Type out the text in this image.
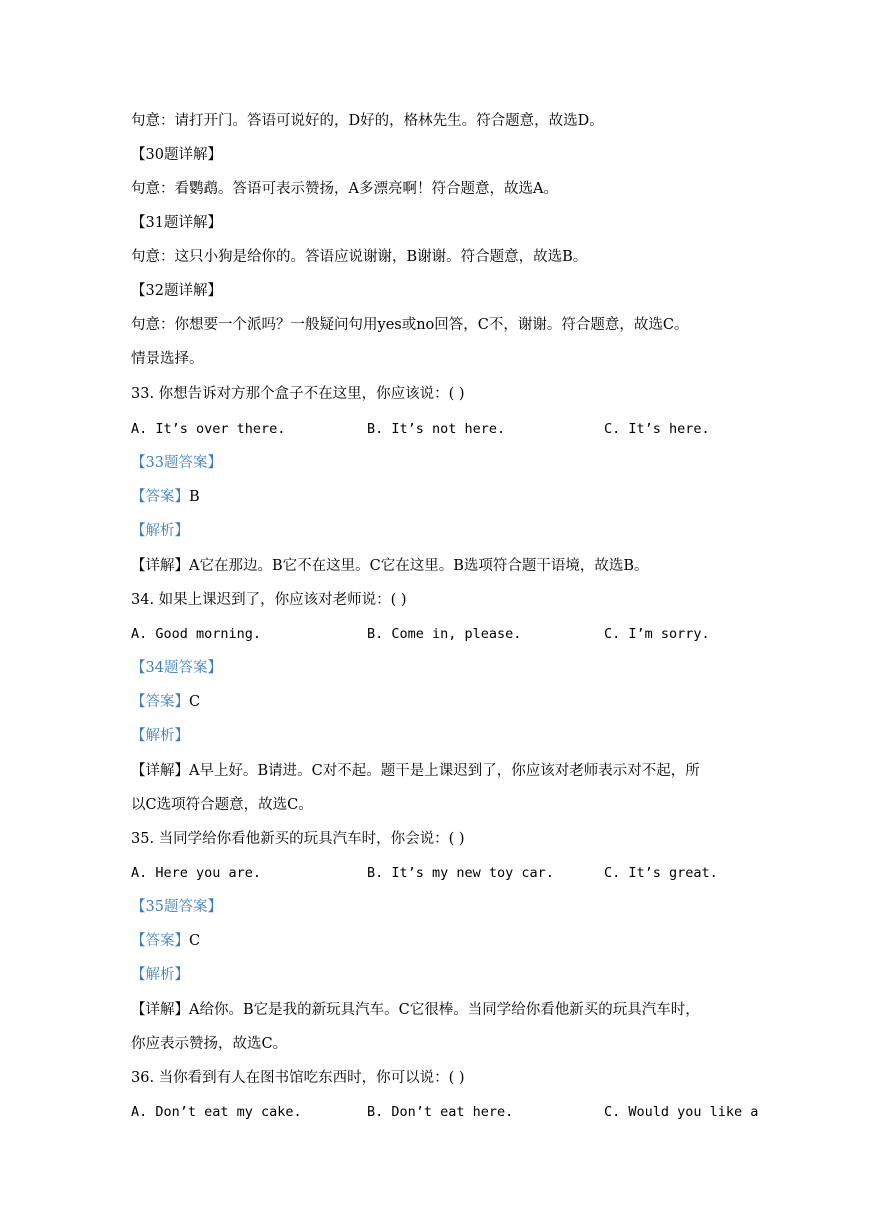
句意：请打开门。答语可说好的，D好的，格林先生。符合题意，故选D。
【30题详解】
句意：看鹦鹉。答语可表示赞扬，A多漂亮啊！符合题意，故选A。
【31题详解】
句意：这只小狗是给你的。答语应说谢谢，B谢谢。符合题意，故选B。
【32题详解】
句意：你想要一个派吗？一般疑问句用yes或no回答，C不，谢谢。符合题意，故选C。
情景选择。
33. 你想告诉对方那个盒子不在这里，你应该说：( )
A. It’s over there.	B. It’s not here.	C. It’s here.
【33题答案】
【答案】B
【解析】
【详解】A它在那边。B它不在这里。C它在这里。B选项符合题干语境，故选B。
34. 如果上课迟到了，你应该对老师说：( )
A. Good morning.	B. Come in, please.	C. I’m sorry.
【34题答案】
【答案】C
【解析】
【详解】A早上好。B请进。C对不起。题干是上课迟到了，你应该对老师表示对不起，所
以C选项符合题意，故选C。
35. 当同学给你看他新买的玩具汽车时，你会说：( )
A. Here you are.	B. It’s my new toy car.	C. It’s great.
【35题答案】
【答案】C
【解析】
【详解】A给你。B它是我的新玩具汽车。C它很棒。当同学给你看他新买的玩具汽车时，
你应表示赞扬，故选C。
36. 当你看到有人在图书馆吃东西时，你可以说：( )
A. Don’t eat my cake.	B. Don’t eat here.	C. Would you like a
